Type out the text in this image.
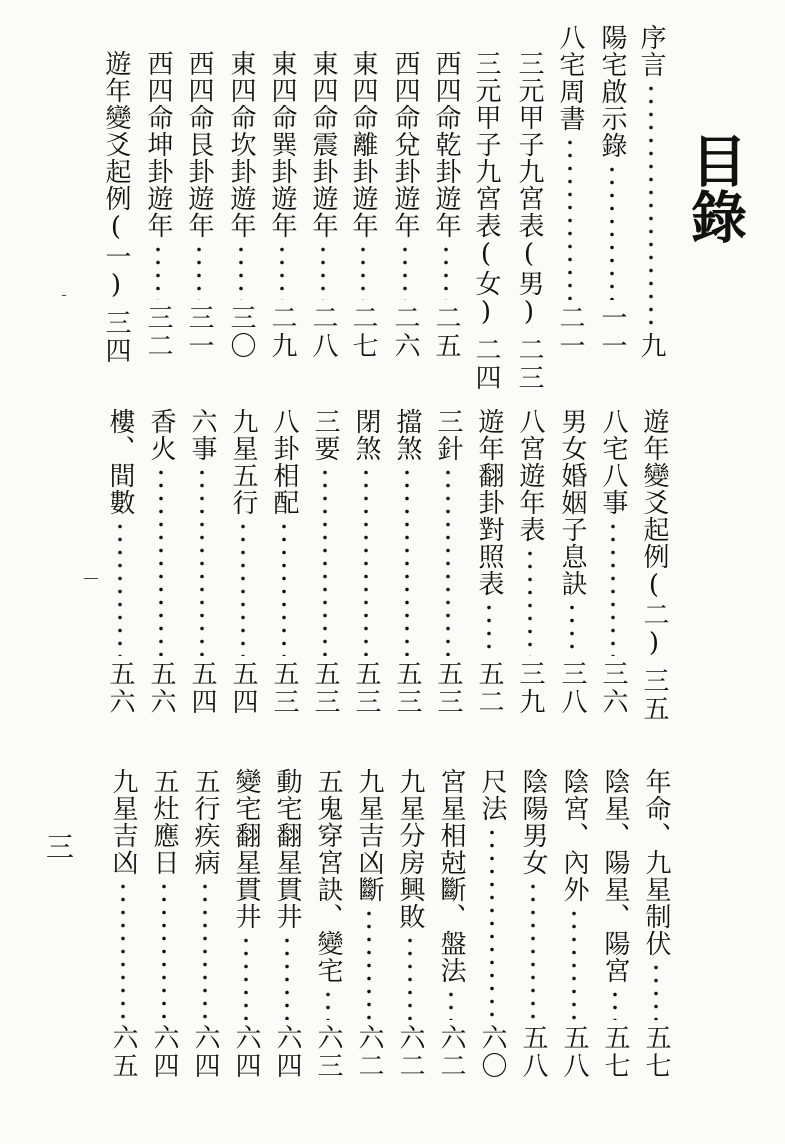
目錄
序言
九
陽宅啟示錄
一一
八宅周書
二一
三元甲子九宮表(男)
二三
三元甲子九宮表(女)
二四
西四命乾卦遊年
二五
西四命兌卦遊年
二六
東四命離卦遊年
二七
東四命震卦遊年
二八
東四命巽卦遊年
二九
東四命坎卦遊年
三〇
西四命艮卦遊年
三一
西四命坤卦遊年
三二
遊年變爻起例(一)
三四
遊年變爻起例(二)
三五
八宅八事
三六
男女婚姻子息訣
三八
八宮遊年表
三九
遊年翻卦對照表
五二
三針
五三
擋煞
五三
閉煞
五三
三要
五三
八卦相配
五三
九星五行
五四
六事
五四
香火
五六
樓、間數
五六
年命、九星制伏
五七
陰星、陽星、陽宮
五七
陰宮、內外
五八
陰陽男女
五八
尺法
六〇
宮星相尅斷、盤法
六二
九星分房興敗
六二
九星吉凶斷
六二
五鬼穿宮訣、變宅
六三
動宅翻星貫井
六四
變宅翻星貫井
六四
五行疾病
六四
五灶應日
六四
九星吉凶
六五
三
